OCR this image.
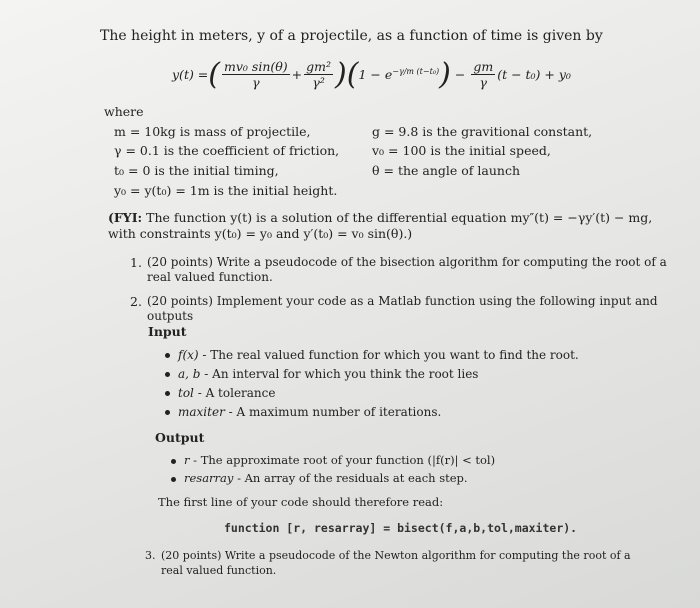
The height in meters, y of a projectile, as a function of time is given by
y(t) = ( $\frac{\text{mv₀ sin(θ)}}{\gamma} + \frac{\text{gm²}}{\text{γ²}}$ ) ( $1 - e^{-\gamma/m (t-t_0)}$ ) − $\frac{gm}{\gamma} (t - t_0) + y_0$
where
m = 10kg is mass of projectile,
γ = 0.1 is the coefficient of friction,
t₀ = 0 is the initial timing,
y₀ = y(t₀) = 1m is the initial height.
g = 9.8 is the gravitional constant,
v₀ = 100 is the initial speed,
θ = the angle of launch
(FYI: The function y(t) is a solution of the differential equation my″(t) = −γy′(t) − mg,
with constraints y(t₀) = y₀ and y′(t₀) = v₀ sin(θ).)
1. (20 points) Write a pseudocode of the bisection algorithm for computing the root of a
real valued function.
2. (20 points) Implement your code as a Matlab function using the following input and
outputs
Input
f(x) - The real valued function for which you want to find the root.
a, b - An interval for which you think the root lies
tol - A tolerance
maxiter - A maximum number of iterations.
Output
r - The approximate root of your function (|f(r)| < tol)
resarray - An array of the residuals at each step.
The first line of your code should therefore read:
function [r, resarray] = bisect(f,a,b,tol,maxiter).
3. (20 points) Write a pseudocode of the Newton algorithm for computing the root of a
real valued function.
